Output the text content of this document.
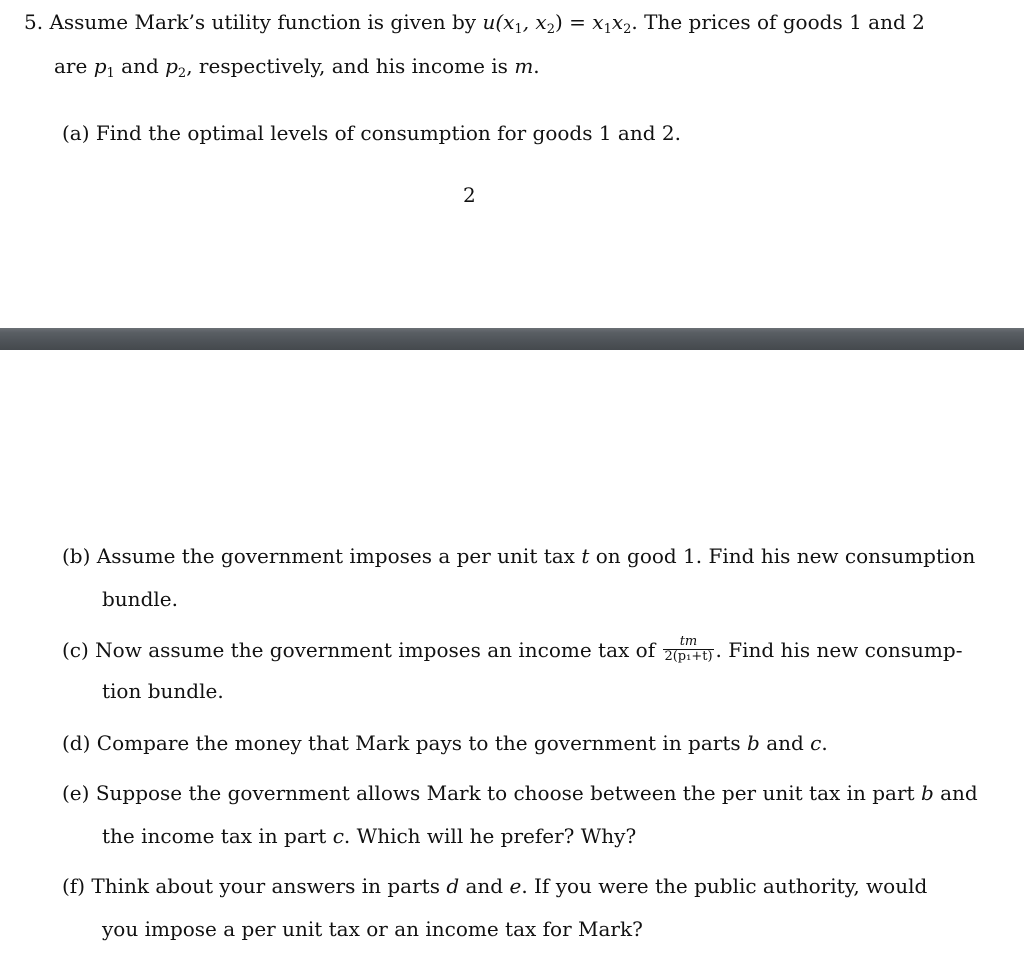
5. Assume Mark’s utility function is given by $u(x_1$, $x_2) = x_1x_2$. The prices of goods 1 and 2
are $p_1$ and $p_2$, respectively, and his income is m.
(a) Find the optimal levels of consumption for goods 1 and 2.
2
(b) Assume the government imposes a per unit tax t on good 1. Find his new consumption
bundle.
(c) Now assume the government imposes an income tax of $\frac{tm}{\text{2(p₁+t)}}$ . Find his new consump-
tion bundle.
(d) Compare the money that Mark pays to the government in parts b and c.
(e) Suppose the government allows Mark to choose between the per unit tax in part b and
the income tax in part c. Which will he prefer? Why?
(f) Think about your answers in parts d and e. If you were the public authority, would
you impose a per unit tax or an income tax for Mark?
